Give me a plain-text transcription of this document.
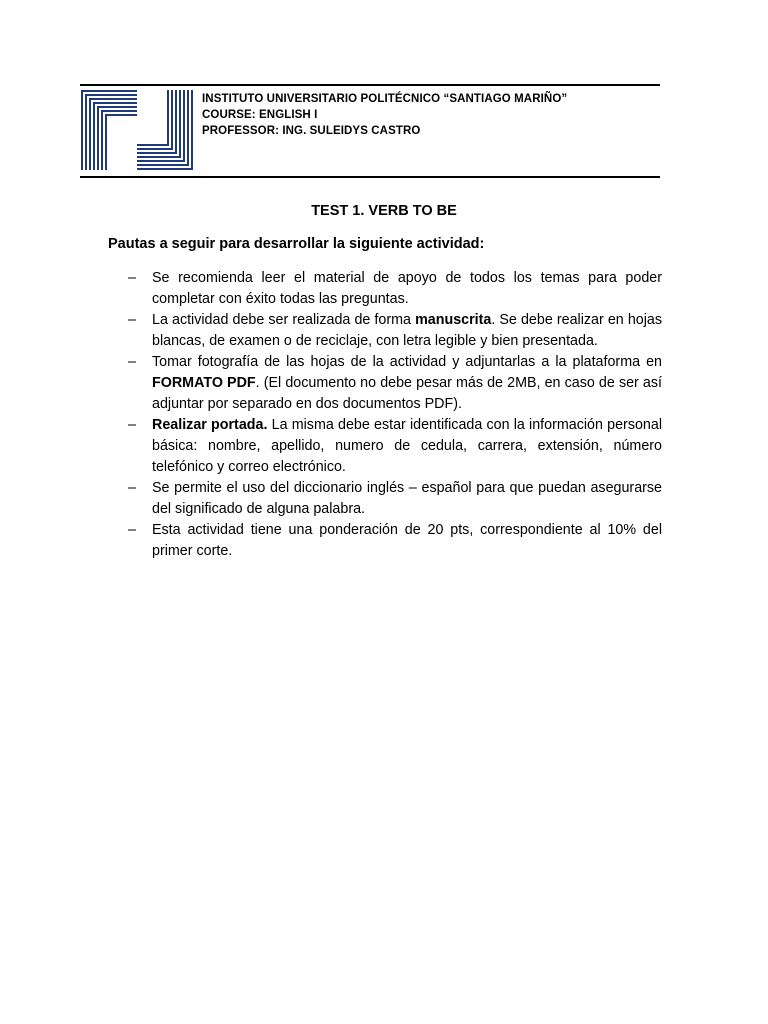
INSTITUTO UNIVERSITARIO POLITÉCNICO “SANTIAGO MARIÑO”
COURSE: ENGLISH I
PROFESSOR: ING. SULEIDYS CASTRO
TEST 1. VERB TO BE
Pautas a seguir para desarrollar la siguiente actividad:
– Se recomienda leer el material de apoyo de todos los temas para poder completar con éxito todas las preguntas.
– La actividad debe ser realizada de forma manuscrita. Se debe realizar en hojas blancas, de examen o de reciclaje, con letra legible y bien presentada.
– Tomar fotografía de las hojas de la actividad y adjuntarlas a la plataforma en FORMATO PDF. (El documento no debe pesar más de 2MB, en caso de ser así adjuntar por separado en dos documentos PDF).
– Realizar portada. La misma debe estar identificada con la información personal básica: nombre, apellido, numero de cedula, carrera, extensión, número telefónico y correo electrónico.
– Se permite el uso del diccionario inglés – español para que puedan asegurarse del significado de alguna palabra.
– Esta actividad tiene una ponderación de 20 pts, correspondiente al 10% del primer corte.
